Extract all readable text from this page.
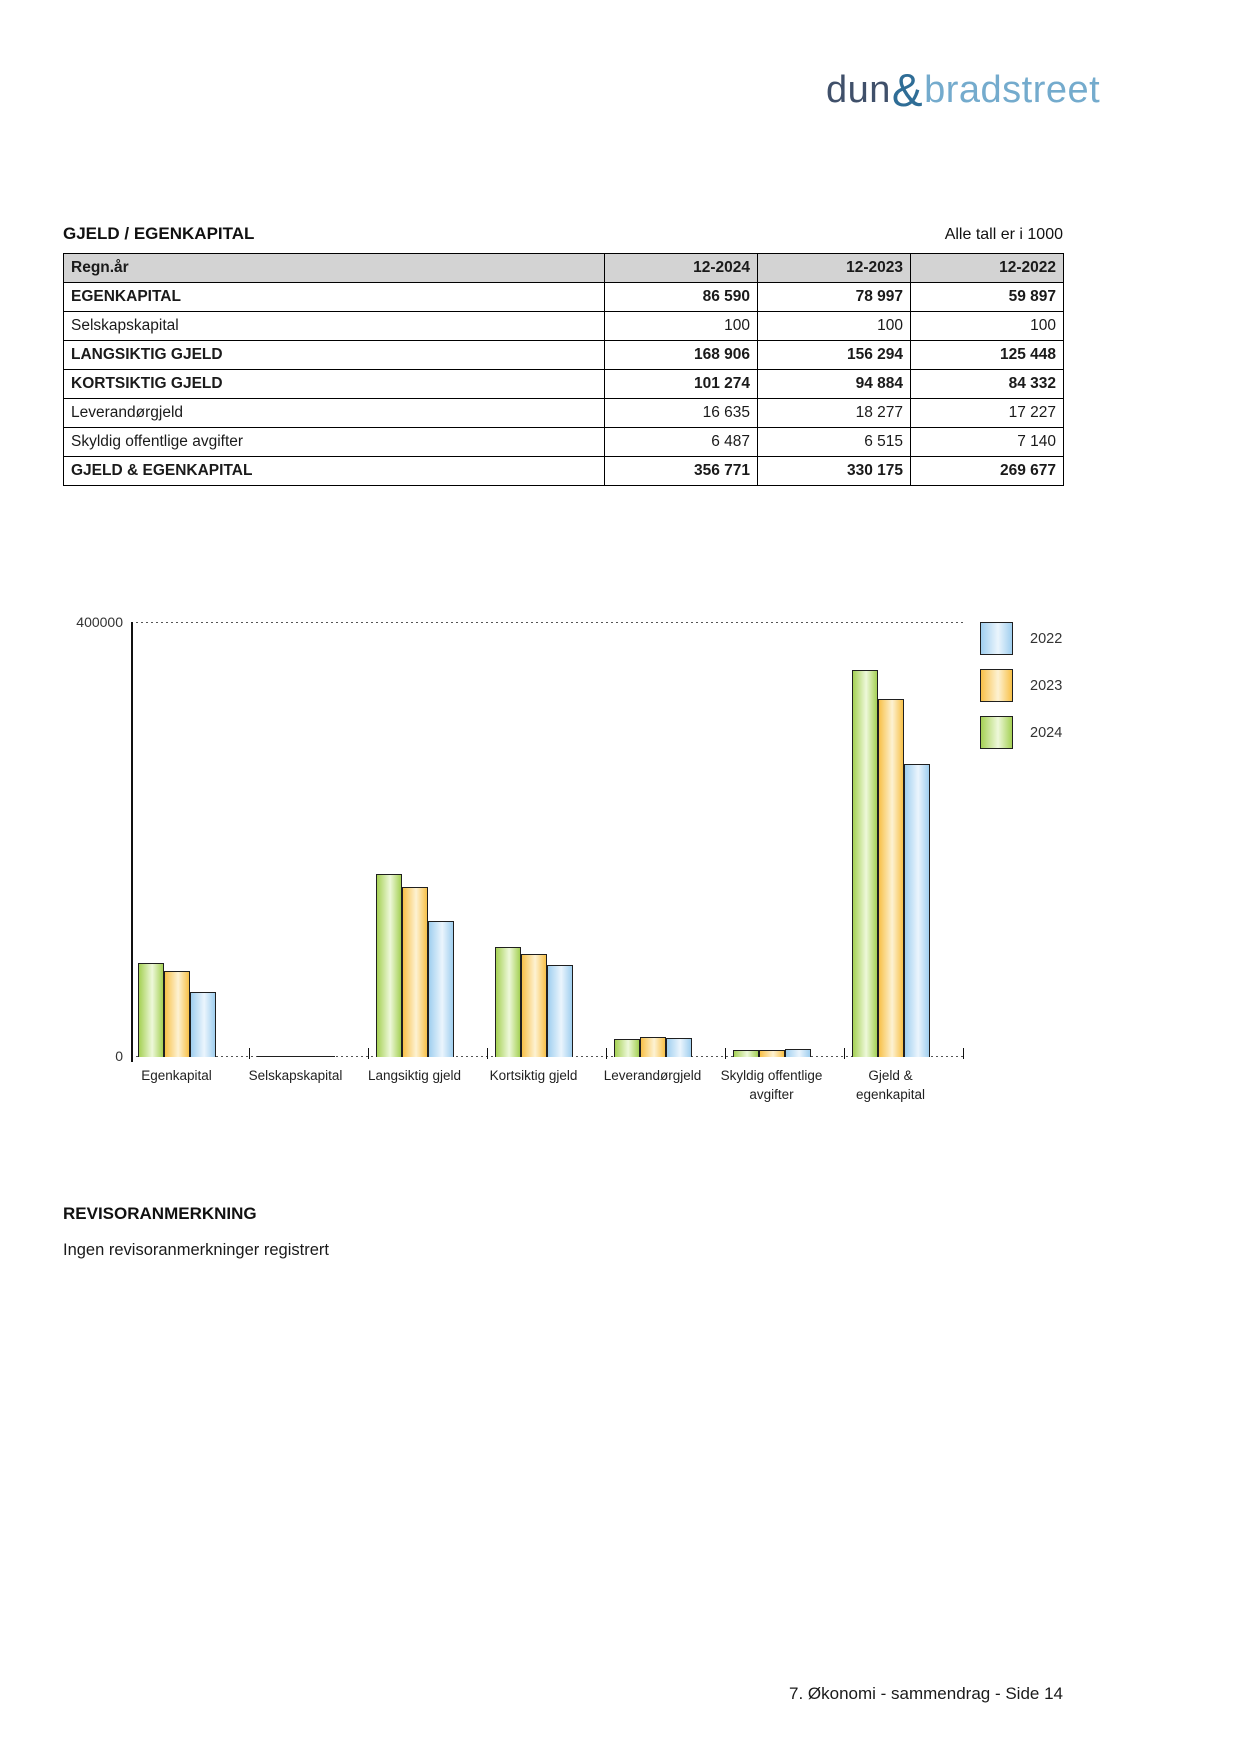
dun & bradstreet
GJELD / EGENKAPITAL	Alle tall er i 1000
Regn.år	12-2024	12-2023	12-2022
EGENKAPITAL	86 590	78 997	59 897
Selskapskapital	100	100	100
LANGSIKTIG GJELD	168 906	156 294	125 448
KORTSIKTIG GJELD	101 274	94 884	84 332
Leverandørgjeld	16 635	18 277	17 227
Skyldig offentlige avgifter	6 487	6 515	7 140
GJELD & EGENKAPITAL	356 771	330 175	269 677
400000
0
Egenkapital	Selskapskapital Langsiktig gjeld Kortsiktig gjeld Leverandørgjeld	Skyldig offentlige avgifter
Gjeld & egenkapital
2022
2023
2024
REVISORANMERKNING
Ingen revisoranmerkninger registrert
7. Økonomi - sammendrag - Side 14
